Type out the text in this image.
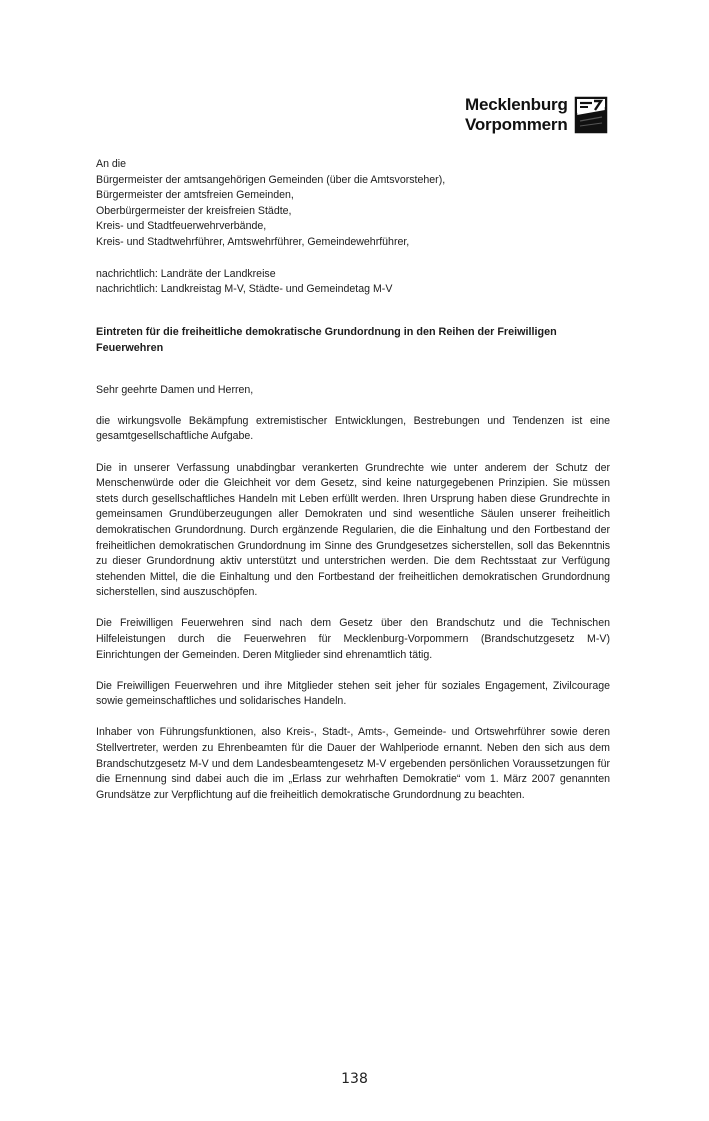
Mecklenburg
Vorpommern
An die
Bürgermeister der amtsangehörigen Gemeinden (über die Amtsvorsteher),
Bürgermeister der amtsfreien Gemeinden,
Oberbürgermeister der kreisfreien Städte,
Kreis- und Stadtfeuerwehrverbände,
Kreis- und Stadtwehrführer, Amtswehrführer, Gemeindewehrführer,
nachrichtlich: Landräte der Landkreise
nachrichtlich: Landkreistag M-V, Städte- und Gemeindetag M-V

Eintreten für die freiheitliche demokratische Grundordnung in den Reihen der Freiwilligen Feuerwehren

Sehr geehrte Damen und Herren,

die wirkungsvolle Bekämpfung extremistischer Entwicklungen, Bestrebungen und Tendenzen ist eine gesamtgesellschaftliche Aufgabe.

Die in unserer Verfassung unabdingbar verankerten Grundrechte wie unter anderem der Schutz der Menschenwürde oder die Gleichheit vor dem Gesetz, sind keine naturgegebenen Prinzipien. Sie müssen stets durch gesellschaftliches Handeln mit Leben erfüllt werden. Ihren Ursprung haben diese Grundrechte in gemeinsamen Grundüberzeugungen aller Demokraten und sind wesentliche Säulen unserer freiheitlich demokratischen Grundordnung. Durch ergänzende Regularien, die die Einhaltung und den Fortbestand der freiheitlichen demokratischen Grundordnung im Sinne des Grundgesetzes sicherstellen, soll das Bekenntnis zu dieser Grundordnung aktiv unterstützt und unterstrichen werden. Die dem Rechtsstaat zur Verfügung stehenden Mittel, die die Einhaltung und den Fortbestand der freiheitlichen demokratischen Grundordnung sicherstellen, sind auszuschöpfen.

Die Freiwilligen Feuerwehren sind nach dem Gesetz über den Brandschutz und die Technischen Hilfeleistungen durch die Feuerwehren für Mecklenburg-Vorpommern (Brandschutzgesetz M-V) Einrichtungen der Gemeinden. Deren Mitglieder sind ehrenamtlich tätig.

Die Freiwilligen Feuerwehren und ihre Mitglieder stehen seit jeher für soziales Engagement, Zivilcourage sowie gemeinschaftliches und solidarisches Handeln.

Inhaber von Führungsfunktionen, also Kreis-, Stadt-, Amts-, Gemeinde- und Ortswehrführer sowie deren Stellvertreter, werden zu Ehrenbeamten für die Dauer der Wahlperiode ernannt. Neben den sich aus dem Brandschutzgesetz M-V und dem Landesbeamtengesetz M-V ergebenden persönlichen Voraussetzungen für die Ernennung sind dabei auch die im „Erlass zur wehrhaften Demokratie“ vom 1. März 2007 genannten Grundsätze zur Verpflichtung auf die freiheitlich demokratische Grundordnung zu beachten.

138
